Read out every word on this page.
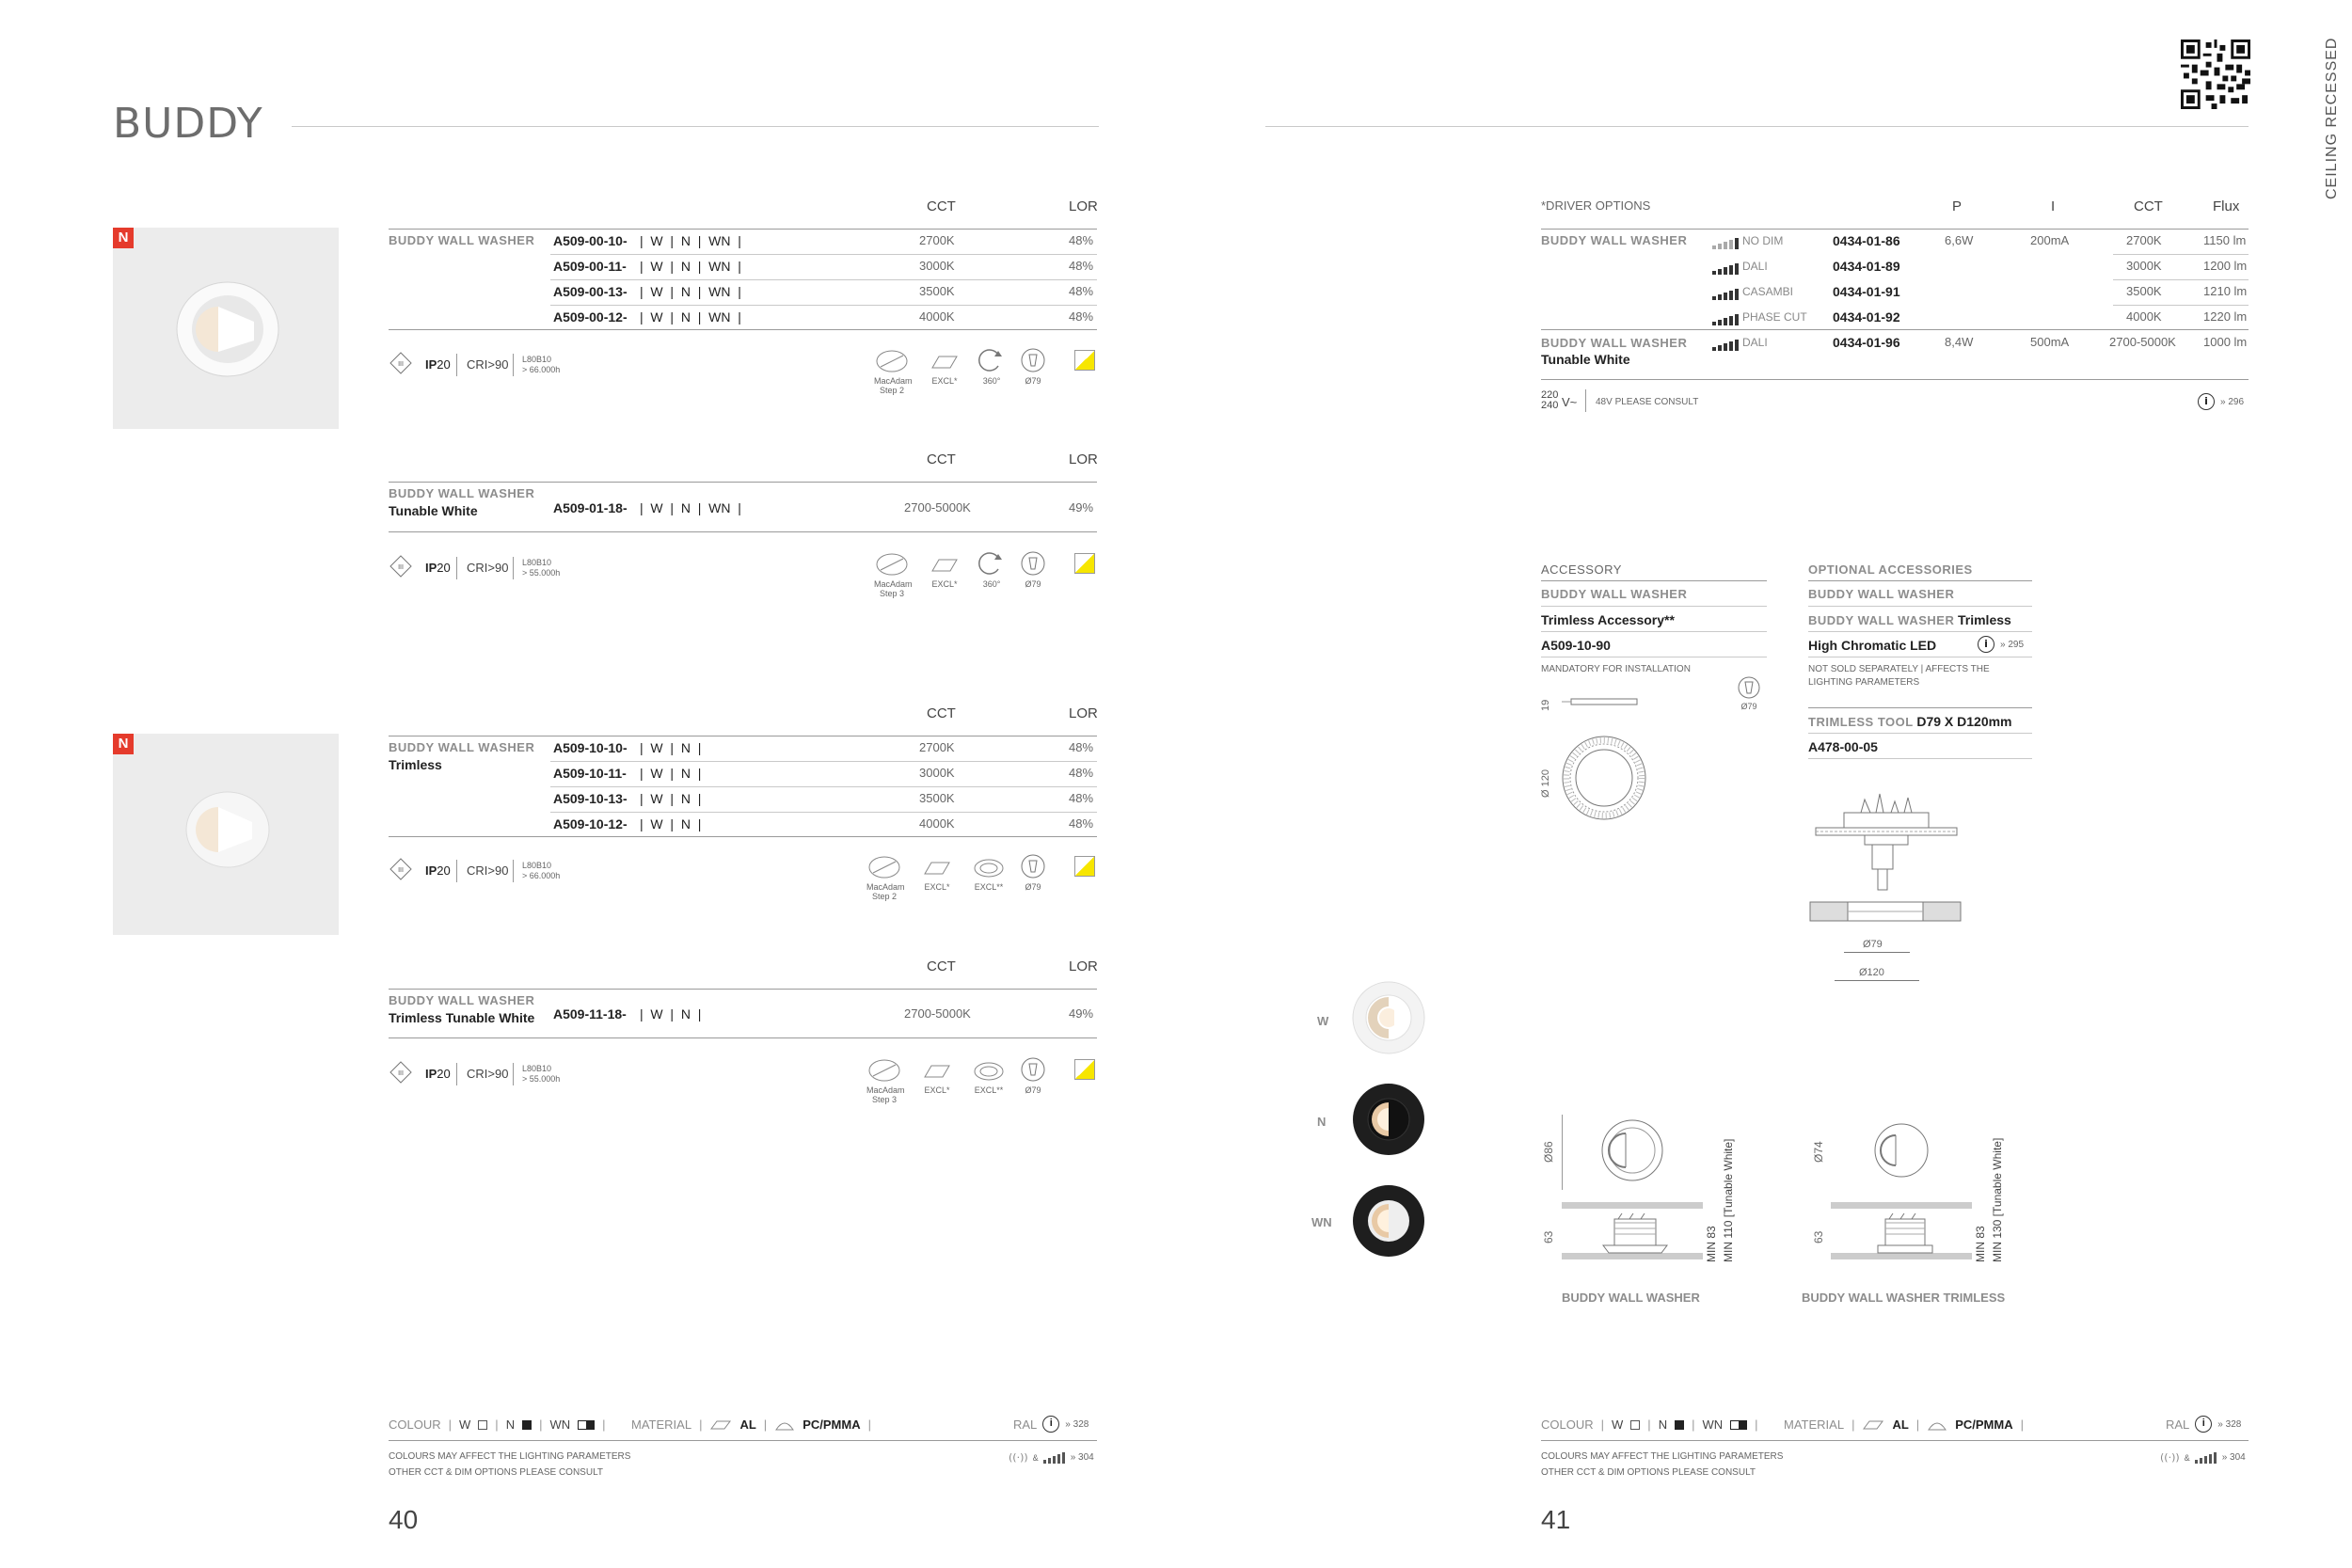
BUDDY	CEILING RECESSED
N
N
CCT	LOR
BUDDY WALL WASHER A509-00-10- |  W  |  N  |  WN  |	2700K	48%
A509-00-11- |  W  |  N  |  WN  |	3000K	48%
A509-00-13- |  W  |  N  |  WN  |	3500K	48%
A509-00-12- |  W  |  N  |  WN  |	4000K	48%
III IP20 CRI>90 L80B10
> 66.000h
MacAdam
Step 2
EXCL*	360°	Ø79
CCT	LOR
BUDDY WALL WASHER
Tunable White	A509-01-18- |  W  |  N  |  WN  |	2700-5000K	49%
III IP20 CRI>90 L80B10
> 55.000h
MacAdam
Step 3
EXCL*	360°	Ø79
CCT	LOR
BUDDY WALL WASHER
Trimless
A509-10-10- |  W  |  N  |	2700K	48%
A509-10-11- |  W  |  N  |	3000K	48%
A509-10-13- |  W  |  N  |	3500K	48%
A509-10-12- |  W  |  N  |	4000K	48%
III IP20 CRI>90 L80B10
> 66.000h
MacAdam
Step 2
EXCL*	EXCL**	Ø79
CCT	LOR
BUDDY WALL WASHER
Trimless Tunable White A509-11-18- |  W  |  N  |	2700-5000K	49%
III IP20 CRI>90 L80B10
> 55.000h
MacAdam
Step 3
EXCL*	EXCL**	Ø79
COLOUR | W | N | WN	| MATERIAL |	AL |	PC/PMMA |	RAL	i	» 328
COLOURS MAY AFFECT THE LIGHTING PARAMETERS
OTHER CCT & DIM OPTIONS PLEASE CONSULT
((·)) &	» 304
40
*DRIVER OPTIONS	P	I	CCT	Flux
BUDDY WALL WASHER	NO DIM	0434-01-86	6,6W	200mA	2700K	1150 lm
DALI	0434-01-89	3000K	1200 lm
CASAMBI	0434-01-91	3500K	1210 lm
PHASE CUT 0434-01-92	4000K	1220 lm
BUDDY WALL WASHER
Tunable White
DALI	0434-01-96	8,4W	500mA	2700-5000K 1000 lm
220
240 V~ 48V PLEASE CONSULT	i	» 296
ACCESSORY
BUDDY WALL WASHER
Trimless Accessory**
A509-10-90
MANDATORY FOR INSTALLATION
19
Ø 120
Ø79
OPTIONAL ACCESSORIES
BUDDY WALL WASHER
BUDDY WALL WASHER Trimless
High Chromatic LED	i	» 295
NOT SOLD SEPARATELY | AFFECTS THE
LIGHTING PARAMETERS
TRIMLESS TOOL D79 X D120mm
A478-00-05
Ø79
Ø120
W
N
WN
Ø86
63	MIN 83 MIN 110 [Tunable White]
BUDDY WALL WASHER
Ø74
63	MIN 83 MIN 130 [Tunable White]
BUDDY WALL WASHER TRIMLESS
COLOUR | W | N | WN	| MATERIAL |	AL |	PC/PMMA |	RAL	i	» 328
COLOURS MAY AFFECT THE LIGHTING PARAMETERS
OTHER CCT & DIM OPTIONS PLEASE CONSULT
((·)) &	» 304
41
